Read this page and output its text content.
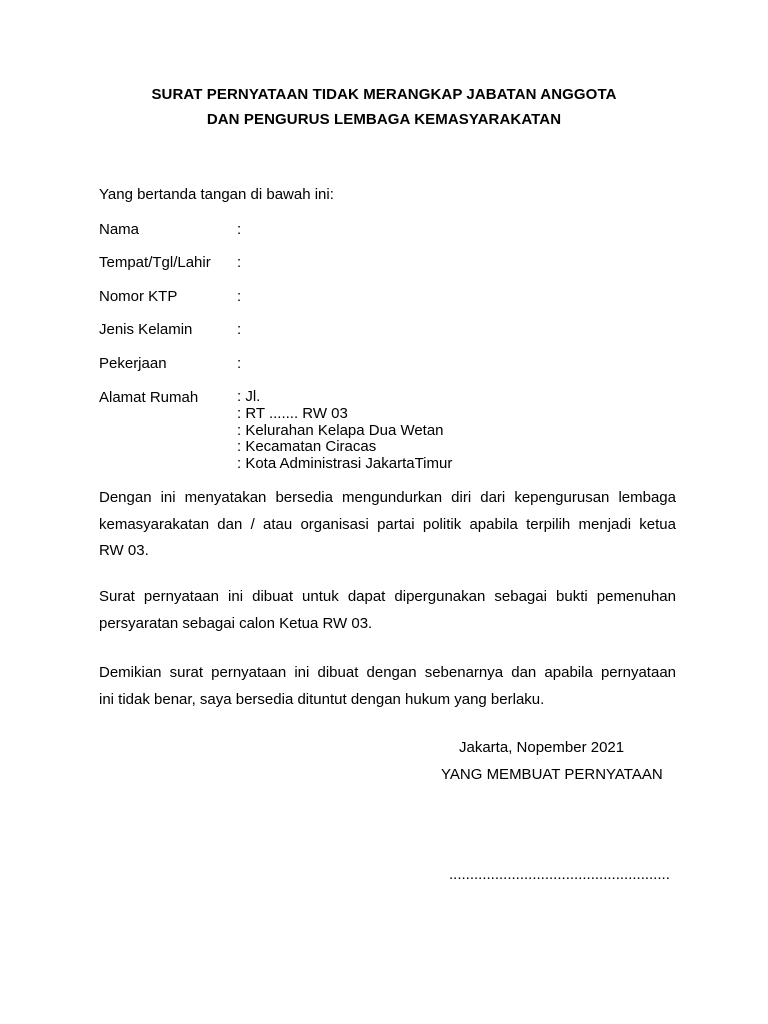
SURAT PERNYATAAN TIDAK MERANGKAP JABATAN ANGGOTA
DAN PENGURUS LEMBAGA KEMASYARAKATAN
Yang bertanda tangan di bawah ini:
Nama	:
Tempat/Tgl/Lahir :
Nomor KTP	:
Jenis Kelamin	:
Pekerjaan	:
Alamat Rumah	: Jl.
: RT ....... RW 03
: Kelurahan Kelapa Dua Wetan
: Kecamatan Ciracas
: Kota Administrasi JakartaTimur
Dengan ini menyatakan bersedia mengundurkan diri dari kepengurusan lembaga
kemasyarakatan dan / atau organisasi partai politik apabila terpilih menjadi ketua
RW 03.
Surat pernyataan ini dibuat untuk dapat dipergunakan sebagai bukti pemenuhan
persyaratan sebagai calon Ketua RW 03.
Demikian surat pernyataan ini dibuat dengan sebenarnya dan apabila pernyataan
ini tidak benar, saya bersedia dituntut dengan hukum yang berlaku.
Jakarta, Nopember 2021
YANG MEMBUAT PERNYATAAN
.....................................................
